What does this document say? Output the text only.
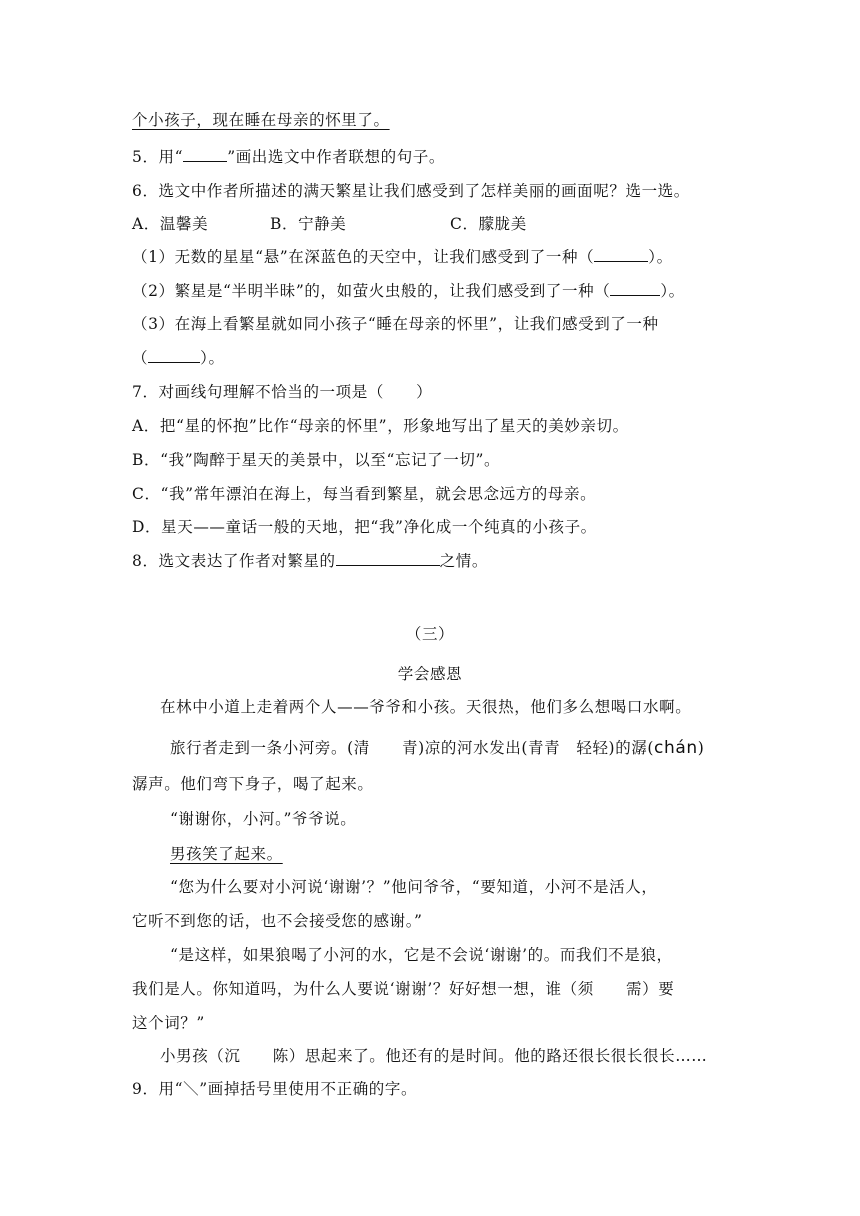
个小孩子，现在睡在母亲的怀里了。
5．用“	”画出选文中作者联想的句子。
6．选文中作者所描述的满天繁星让我们感受到了怎样美丽的画面呢？选一选。
A．温馨美	B．宁静美	C．朦胧美
（1）无数的星星“悬”在深蓝色的天空中，让我们感受到了一种（	）。
（2）繁星是“半明半昧”的，如萤火虫般的，让我们感受到了一种（	）。
（3）在海上看繁星就如同小孩子“睡在母亲的怀里”，让我们感受到了一种
（	）。
7．对画线句理解不恰当的一项是（　　）
A．把“星的怀抱”比作“母亲的怀里”，形象地写出了星天的美妙亲切。
B．“我”陶醉于星天的美景中，以至“忘记了一切”。
C．“我”常年漂泊在海上，每当看到繁星，就会思念远方的母亲。
D．星天——童话一般的天地，把“我”净化成一个纯真的小孩子。
8．选文表达了作者对繁星的	之情。
（三）
学会感恩
在林中小道上走着两个人——爷爷和小孩。天很热，他们多么想喝口水啊。
旅行者走到一条小河旁。(清　　青)凉的河水发出(青青　轻轻)的潺(chán)
潺声。他们弯下身子，喝了起来。
“谢谢你，小河。”爷爷说。
男孩笑了起来。
“您为什么要对小河说‘谢谢’？”他问爷爷，“要知道，小河不是活人，
它听不到您的话，也不会接受您的感谢。”
“是这样，如果狼喝了小河的水，它是不会说‘谢谢’的。而我们不是狼，
我们是人。你知道吗，为什么人要说‘谢谢’？好好想一想，谁（须　　需）要
这个词？”
小男孩（沉　　陈）思起来了。他还有的是时间。他的路还很长很长很长……
9．用“＼”画掉括号里使用不正确的字。
